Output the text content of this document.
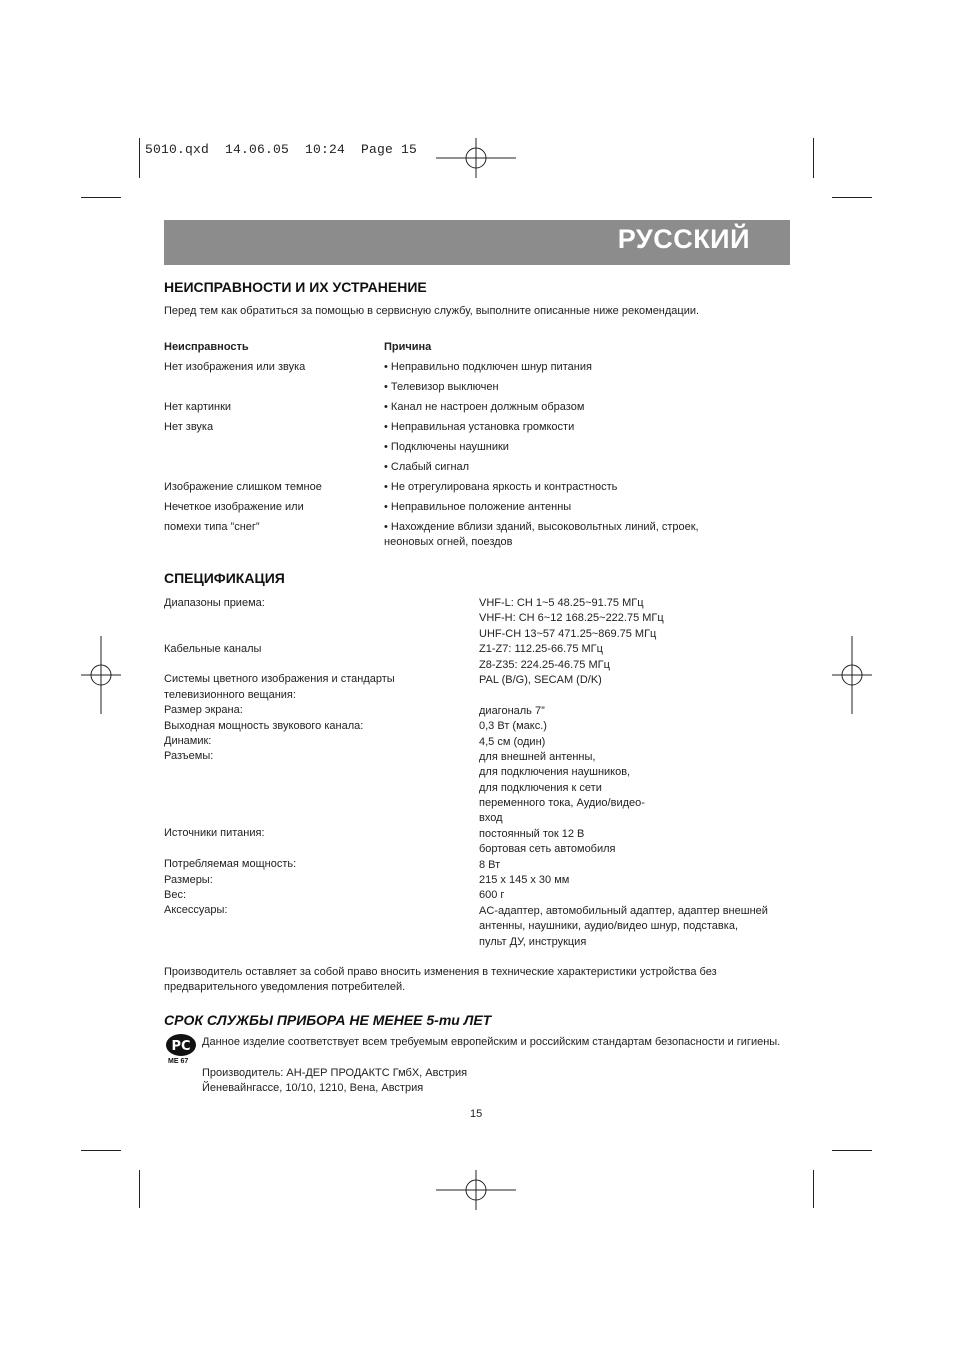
5010.qxd  14.06.05  10:24  Page 15
РУССКИЙ
НЕИСПРАВНОСТИ И ИХ УСТРАНЕНИЕ
Перед тем как обратиться за помощью в сервисную службу, выполните описанные ниже рекомендации.
Неисправность	Причина
Нет изображения или звука
Нет картинки
Нет звука
Изображение слишком темное
Нечеткое изображение или
помехи типа ”снег”
• Неправильно подключен шнур питания
• Телевизор выключен
• Канал не настроен должным образом
• Неправильная установка громкости
• Подключены наушники
• Слабый сигнал
• Не отрегулирована яркость и контрастность
• Неправильное положение антенны
• Нахождение вблизи зданий, высоковольтных линий, строек,
неоновых огней, поездов
СПЕЦИФИКАЦИЯ
Диапазоны приема:
Кабельные каналы
Системы цветного изображения и стандарты
телевизионного вещания:
Размер экрана:
Выходная мощность звукового канала:
Динамик:
Разъемы:
Источники питания:
Потребляемая мощность:
Размеры:
Вес:
Аксессуары:
VHF-L: CH 1~5 48.25~91.75 МГц
VHF-H: CH 6~12 168.25~222.75 МГц
UHF-CH 13~57 471.25~869.75 МГц
Z1-Z7: 112.25-66.75 МГц
Z8-Z35: 224.25-46.75 МГц
PAL (B/G), SECAM (D/K)
диагональ 7”
0,3 Вт (макс.)
4,5 см (один)
для внешней антенны,
для подключения наушников,
для подключения к сети
переменного тока, Аудио/видео-
вход
постоянный ток 12 В
бортовая сеть автомобиля
8 Вт
215 х 145 х 30 мм
600 г
AC-адаптер, автомобильный адаптер, адаптер внешней
антенны, наушники, аудио/видео шнур, подставка,
пульт ДУ, инструкция
Производитель оставляет за собой право вносить изменения в технические характеристики устройства без
предварительного уведомления потребителей.
СРОК СЛУЖБЫ ПРИБОРА НЕ МЕНЕЕ 5-ти ЛЕТ
PC
ME 67
Данное изделие соответствует всем требуемым европейским и российским стандартам безопасности и гигиены.
Производитель: АН-ДЕР ПРОДАКТС ГмбХ, Австрия
Йеневайнгассе, 10/10, 1210, Вена, Австрия
15
